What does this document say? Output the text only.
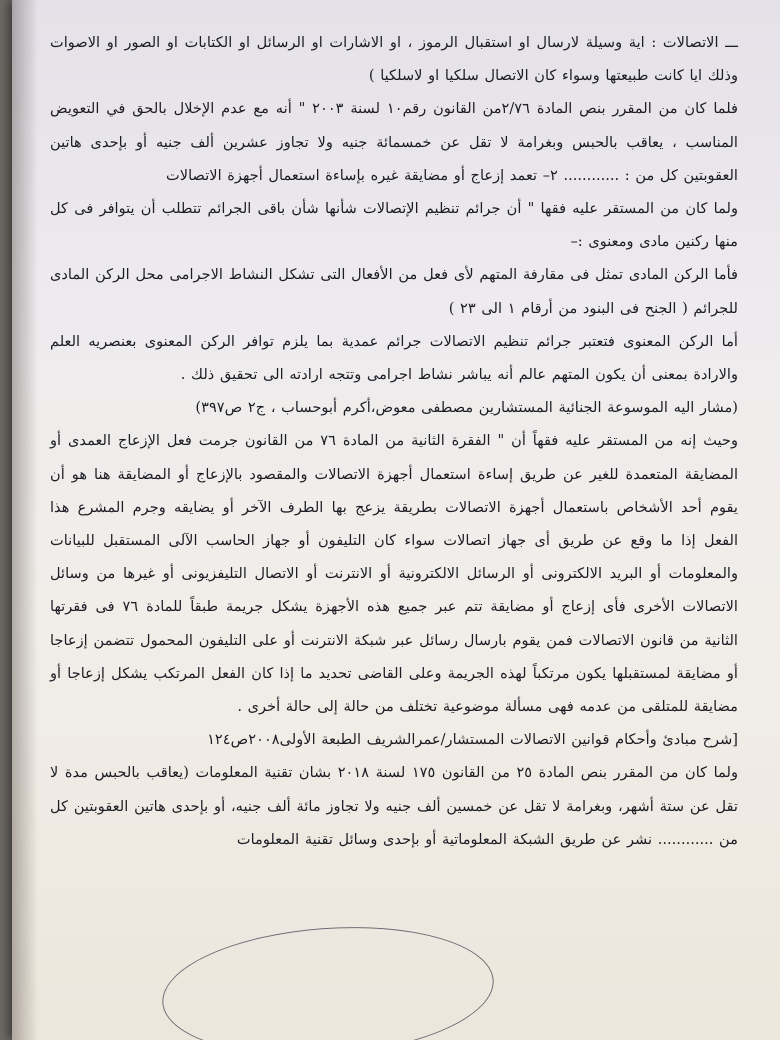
ـــ الاتصالات : اية وسيلة لارسال او استقبال الرموز ، او الاشارات او الرسائل او الكتابات او الصور او الاصوات وذلك ايا كانت طبيعتها وسواء كان الاتصال سلكيا او لاسلكيا )

فلما كان من المقرر بنص المادة ٢/٧٦من القانون رقم١٠ لسنة ٢٠٠٣ " أنه مع عدم الإخلال بالحق في التعويض المناسب ، يعاقب بالحبس وبغرامة لا تقل عن خمسمائة جنيه ولا تجاوز عشرين ألف جنيه أو بإحدى هاتين العقوبتين كل من : ............ ٢– تعمد إزعاج أو مضايقة غيره بإساءة استعمال أجهزة الاتصالات

ولما كان من المستقر عليه فقها " أن جرائم تنظيم الإتصالات شأنها شأن باقى الجرائم تتطلب أن يتوافر فى كل منها ركنين مادى ومعنوى :–

فأما الركن المادى تمثل فى مقارفة المتهم لأى فعل من الأفعال التى تشكل النشاط الاجرامى محل الركن المادى للجرائم ( الجنح فى البنود من أرقام ١ الى ٢٣ )

أما الركن المعنوى فتعتبر جرائم تنظيم الاتصالات جرائم عمدية بما يلزم توافر الركن المعنوى بعنصريه العلم والارادة بمعنى أن يكون المتهم عالم أنه يباشر نشاط اجرامى وتتجه ارادته الى تحقيق ذلك .

(مشار اليه الموسوعة الجنائية المستشارين مصطفى معوض،أكرم أبوحساب ، ج٢ ص٣٩٧)

وحيث إنه من المستقر عليه فقهاً أن " الفقرة الثانية من المادة ٧٦ من القانون جرمت فعل الإزعاج العمدى أو المضايقة المتعمدة للغير عن طريق إساءة استعمال أجهزة الاتصالات والمقصود بالإزعاج أو المضايقة هنا هو أن يقوم أحد الأشخاص باستعمال أجهزة الاتصالات بطريقة يزعج بها الطرف الآخر أو يضايقه وجرم المشرع هذا الفعل إذا ما وقع عن طريق أى جهاز اتصالات سواء كان التليفون أو جهاز الحاسب الآلى المستقبل للبيانات والمعلومات أو البريد الالكترونى أو الرسائل الالكترونية أو الانترنت أو الاتصال التليفزيونى أو غيرها من وسائل الاتصالات الأخرى فأى إزعاج أو مضايقة تتم عبر جميع هذه الأجهزة يشكل جريمة طبقاً للمادة ٧٦ فى فقرتها الثانية من قانون الاتصالات فمن يقوم بارسال رسائل عبر شبكة الانترنت أو على التليفون المحمول تتضمن إزعاجا أو مضايقة لمستقبلها يكون مرتكباً لهذه الجريمة وعلى القاضى تحديد ما إذا كان الفعل المرتكب يشكل إزعاجا أو مضايقة للمتلقى من عدمه فهى مسألة موضوعية تختلف من حالة إلى حالة أخرى .

[شرح مبادئ وأحكام قوانين الاتصالات المستشار/عمرالشريف الطبعة الأولى٢٠٠٨ص١٢٤

ولما كان من المقرر بنص المادة ٢٥ من القانون ١٧٥ لسنة ٢٠١٨ بشان تقنية المعلومات (يعاقب بالحبس مدة لا تقل عن ستة أشهر، وبغرامة لا تقل عن خمسين ألف جنيه ولا تجاوز مائة ألف جنيه، أو بإحدى هاتين العقوبتين كل من ............ نشر عن طريق الشبكة المعلوماتية أو بإحدى وسائل تقنية المعلومات
